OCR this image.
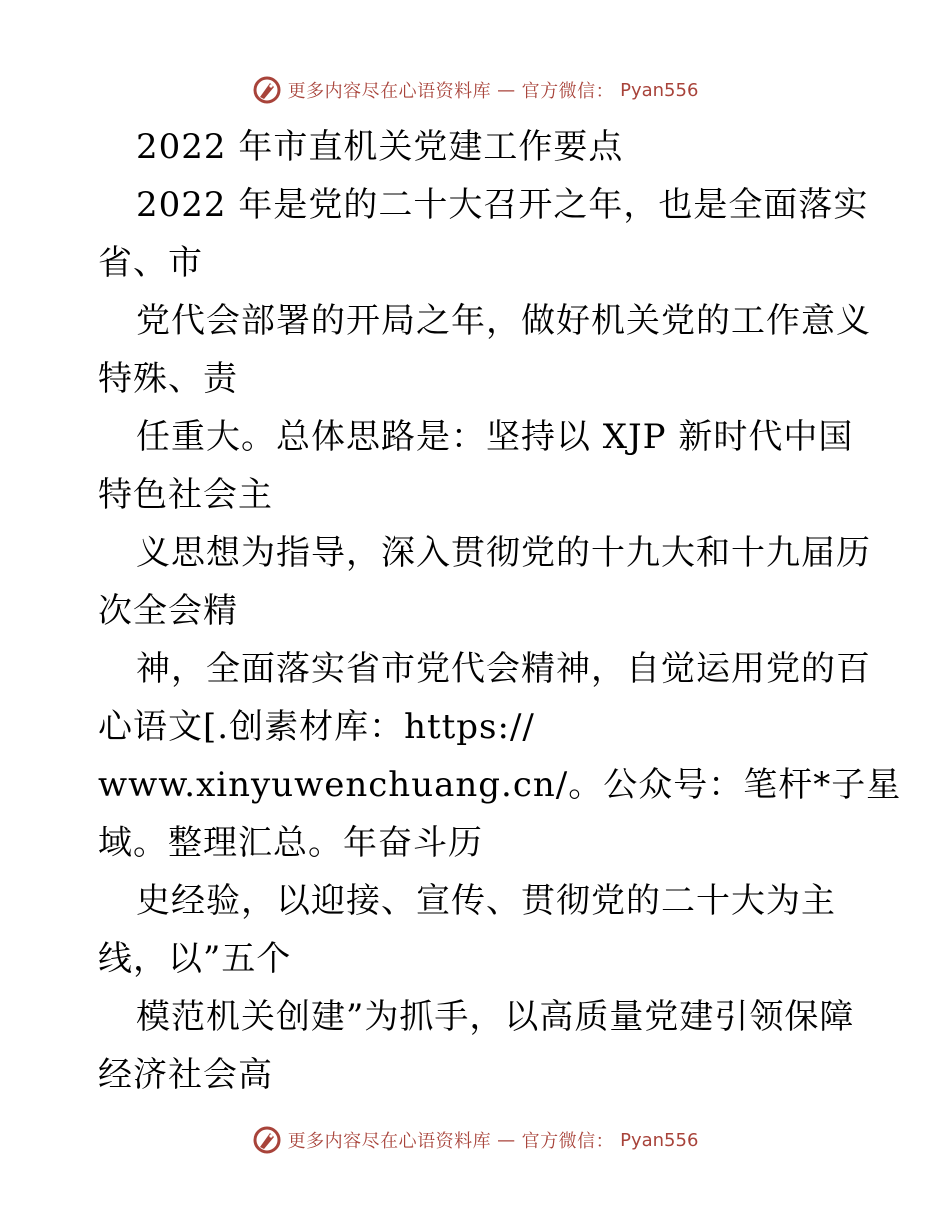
更多内容尽在心语资料库 — 官方微信： Pyan556
2022 年市直机关党建工作要点
2022 年是党的二十大召开之年，也是全面落实
省、市
党代会部署的开局之年，做好机关党的工作意义
特殊、责
任重大。总体思路是：坚持以 XJP 新时代中国
特色社会主
义思想为指导，深入贯彻党的十九大和十九届历
次全会精
神，全面落实省市党代会精神，自觉运用党的百
心语文[.创素材库：https://
www.xinyuwenchuang.cn/。公众号：笔杆*子星
域。整理汇总。年奋斗历
史经验，以迎接、宣传、贯彻党的二十大为主
线，以”五个
模范机关创建”为抓手，以高质量党建引领保障
经济社会高
更多内容尽在心语资料库 — 官方微信： Pyan556
